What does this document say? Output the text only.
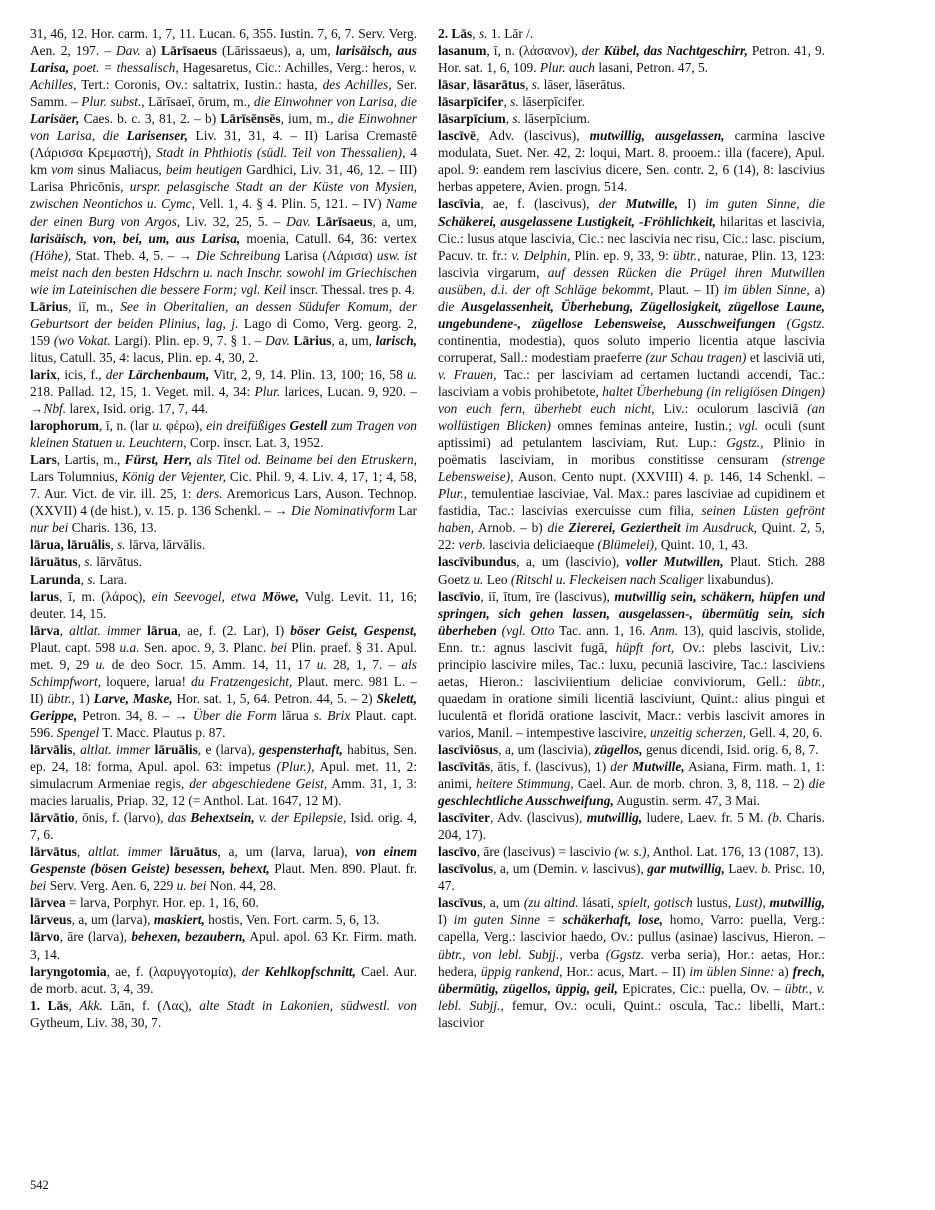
31, 46, 12. Hor. carm. 1, 7, 11. Lucan. 6, 355. Iustin. 7, 6, 7. Serv. Verg. Aen. 2, 197. – Dav. a) Lārīsaeus (Lārissaeus), a, um, larisäisch, aus Larisa, poet. = thessalisch, Hagesaretus, Cic.: Achilles, Verg.: heros, v. Achilles, Tert.: Coronis, Ov.: saltatrix, Iustin.: hasta, des Achilles, Ser. Samm. – Plur. subst., Lārīsaeī, ōrum, m., die Einwohner von Larisa, die Larisäer, Caes. b. c. 3, 81, 2. – b) Lārīsēnsēs, ium, m., die Einwohner von Larisa, die Larisenser, Liv. 31, 31, 4. – II) Larisa Cremastē (Λάρισσα Κρεμαστή), Stadt in Phthiotis (südl. Teil von Thessalien), 4 km vom sinus Maliacus, beim heutigen Gardhici, Liv. 31, 46, 12. – III) Larisa Phricōnis, urspr. pelasgische Stadt an der Küste von Mysien, zwischen Neontichos u. Cymc, Vell. 1, 4. § 4. Plin. 5, 121. – IV) Name der einen Burg von Argos, Liv. 32, 25, 5. – Dav. Lārīsaeus, a, um, larisäisch, von, bei, um, aus Larisa, moenia, Catull. 64, 36: vertex (Höhe), Stat. Theb. 4, 5. – → Die Schreibung Larisa (Λάρισα) usw. ist meist nach den besten Hdschrn u. nach Inschr. sowohl im Griechischen wie im Lateinischen die bessere Form; vgl. Keil inscr. Thessal. tres p. 4.

Lārius, iī, m., See in Oberitalien, an dessen Südufer Komum, der Geburtsort der beiden Plinius, lag, j. Lago di Como, Verg. georg. 2, 159 (wo Vokat. Largi). Plin. ep. 9, 7. § 1. – Dav. Lārius, a, um, larisch, litus, Catull. 35, 4: lacus, Plin. ep. 4, 30, 2.

larix, icis, f., der Lärchenbaum, Vitr, 2, 9, 14. Plin. 13, 100; 16, 58 u. 218. Pallad. 12, 15, 1. Veget. mil. 4, 34: Plur. larices, Lucan. 9, 920. – →Nbf. larex, Isid. orig. 17, 7, 44.

larophorum, ī, n. (lar u. φέρω), ein dreifüßiges Gestell zum Tragen von kleinen Statuen u. Leuchtern, Corp. inscr. Lat. 3, 1952.

Lars, Lartis, m., Fürst, Herr, als Titel od. Beiname bei den Etruskern, Lars Tolumnius, König der Vejenter, Cic. Phil. 9, 4. Liv. 4, 17, 1; 4, 58, 7. Aur. Vict. de vir. ill. 25, 1: ders. Aremoricus Lars, Auson. Technop. (XXVII) 4 (de hist.), v. 15. p. 136 Schenkl. – → Die Nominativform Lar nur bei Charis. 136, 13.

lārua, lāruālis, s. lārva, lārvālis.

lāruātus, s. lārvātus.

Larunda, s. Lara.

larus, ī, m. (λάρος), ein Seevogel, etwa Möwe, Vulg. Levit. 11, 16; deuter. 14, 15.

lārva, altlat. immer lārua, ae, f. (2. Lar), I) böser Geist, Gespenst, Plaut. capt. 598 u.a. Sen. apoc. 9, 3. Planc. bei Plin. praef. § 31. Apul. met. 9, 29 u. de deo Socr. 15. Amm. 14, 11, 17 u. 28, 1, 7. – als Schimpfwort, loquere, larua! du Fratzengesicht, Plaut. merc. 981 L. – II) übtr., 1) Larve, Maske, Hor. sat. 1, 5, 64. Petron. 44, 5. – 2) Skelett, Gerippe, Petron. 34, 8. – → Über die Form lārua s. Brix Plaut. capt. 596. Spengel T. Macc. Plautus p. 87.

lārvālis, altlat. immer lāruālis, e (larva), gespensterhaft, habitus, Sen. ep. 24, 18: forma, Apul. apol. 63: impetus (Plur.), Apul. met. 11, 2: simulacrum Armeniae regis, der abgeschiedene Geist, Amm. 31, 1, 3: macies larualis, Priap. 32, 12 (= Anthol. Lat. 1647, 12 M).

lārvātio, ōnis, f. (larvo), das Behextsein, v. der Epilepsie, Isid. orig. 4, 7, 6.

lārvātus, altlat. immer lāruātus, a, um (larva, larua), von einem Gespenste (bösen Geiste) besessen, behext, Plaut. Men. 890. Plaut. fr. bei Serv. Verg. Aen. 6, 229 u. bei Non. 44, 28.

lārvea = larva, Porphyr. Hor. ep. 1, 16, 60.

lārveus, a, um (larva), maskiert, hostis, Ven. Fort. carm. 5, 6, 13.

lārvo, āre (larva), behexen, bezaubern, Apul. apol. 63 Kr. Firm. math. 3, 14.

laryngotomia, ae, f. (λαρυγγοτομία), der Kehlkopfschnitt, Cael. Aur. de morb. acut. 3, 4, 39.

1. Lās, Akk. Lān, f. (Λας), alte Stadt in Lakonien, südwestl. von Gytheum, Liv. 38, 30, 7.

2. Lās, s. 1. Lār /.

lasanum, ī, n. (λάσανον), der Kübel, das Nachtgeschirr, Petron. 41, 9. Hor. sat. 1, 6, 109. Plur. auch lasani, Petron. 47, 5.

lāsar, lāsarātus, s. lāser, lāserātus.

lāsarpīcifer, s. lāserpīcifer.

lāsarpīcium, s. lāserpīcium.

lascīvē, Adv. (lascivus), mutwillig, ausgelassen, carmina lascive modulata, Suet. Ner. 42, 2: loqui, Mart. 8. prooem.: illa (facere), Apul. apol. 9: eandem rem lascivius dicere, Sen. contr. 2, 6 (14), 8: lascivius herbas appetere, Avien. progn. 514.

lascīvia, ae, f. (lascivus), der Mutwille, I) im guten Sinne, die Schäkerei, ausgelassene Lustigkeit, -Fröhlichkeit, hilaritas et lascivia, Cic.: lusus atque lascivia, Cic.: nec lascivia nec risu, Cic.: lasc. piscium, Pacuv. tr. fr.: v. Delphin, Plin. ep. 9, 33, 9: übtr., naturae, Plin. 13, 123: lascivia virgarum, auf dessen Rücken die Prügel ihren Mutwillen ausüben, d.i. der oft Schläge bekommt, Plaut. – II) im üblen Sinne, a) die Ausgelassenheit, Überhebung, Zügellosigkeit, zügellose Laune, ungebundene-, zügellose Lebensweise, Ausschweifungen (Ggstz. continentia, modestia), quos soluto imperio licentia atque lascivia corruperat, Sall.: modestiam praeferre (zur Schau tragen) et lasciviā uti, v. Frauen, Tac.: per lasciviam ad certamen luctandi accendi, Tac.: lasciviam a vobis prohibetote, haltet Überhebung (in religiösen Dingen) von euch fern, überhebt euch nicht, Liv.: oculorum lasciviā (an wollüstigen Blicken) omnes feminas anteire, Iustin.; vgl. oculi (sunt aptissimi) ad petulantem lasciviam, Rut. Lup.: Ggstz., Plinio in poëmatis lasciviam, in moribus constitisse censuram (strenge Lebensweise), Auson. Cento nupt. (XXVIII) 4. p. 146, 14 Schenkl. – Plur., temulentiae lasciviae, Val. Max.: pares lasciviae ad cupidinem et fastidia, Tac.: lascivias exercuisse cum filia, seinen Lüsten gefrönt haben, Arnob. – b) die Ziererei, Geziertheit im Ausdruck, Quint. 2, 5, 22: verb. lascivia deliciaeque (Blümelei), Quint. 10, 1, 43.

lascīvibundus, a, um (lascivio), voller Mutwillen, Plaut. Stich. 288 Goetz u. Leo (Ritschl u. Fleckeisen nach Scaliger lixabundus).

lascīvio, iī, ītum, īre (lascivus), mutwillig sein, schäkern, hüpfen und springen, sich gehen lassen, ausgelassen-, übermütig sein, sich überheben (vgl. Otto Tac. ann. 1, 16. Anm. 13), quid lascivis, stolide, Enn. tr.: agnus lascivit fugā, hüpft fort, Ov.: plebs lascivit, Liv.: principio lascivire miles, Tac.: luxu, pecuniā lascivire, Tac.: lasciviens aetas, Hieron.: lasciviientium deliciae conviviorum, Gell.: übtr., quaedam in oratione simili licentiā lasciviunt, Quint.: alius pingui et luculentā et floridā oratione lascivit, Macr.: verbis lascivit amores in varios, Manil. – intempestive lascivire, unzeitig scherzen, Gell. 4, 20, 6.

lascīviōsus, a, um (lascivia), zügellos, genus dicendi, Isid. orig. 6, 8, 7.

lascīvitās, ātis, f. (lascivus), 1) der Mutwille, Asiana, Firm. math. 1, 1: animi, heitere Stimmung, Cael. Aur. de morb. chron. 3, 8, 118. – 2) die geschlechtliche Ausschweifung, Augustin. serm. 47, 3 Mai.

lascīviter, Adv. (lascivus), mutwillig, ludere, Laev. fr. 5 M. (b. Charis. 204, 17).

lascīvo, āre (lascivus) = lascivio (w. s.), Anthol. Lat. 176, 13 (1087, 13).

lascīvolus, a, um (Demin. v. lascivus), gar mutwillig, Laev. b. Prisc. 10, 47.

lascīvus, a, um (zu altind. lásati, spielt, gotisch lustus, Lust), mutwillig, I) im guten Sinne = schäkerhaft, lose, homo, Varro: puella, Verg.: capella, Verg.: lascivior haedo, Ov.: pullus (asinae) lascivus, Hieron. – übtr., von lebl. Subjj., verba (Ggstz. verba seria), Hor.: aetas, Hor.: hedera, üppig rankend, Hor.: acus, Mart. – II) im üblen Sinne: a) frech, übermütig, zügellos, üppig, geil, Epicrates, Cic.: puella, Ov. – übtr., v. lebl. Subjj., femur, Ov.: oculi, Quint.: oscula, Tac.: libelli, Mart.: lascivior

542
